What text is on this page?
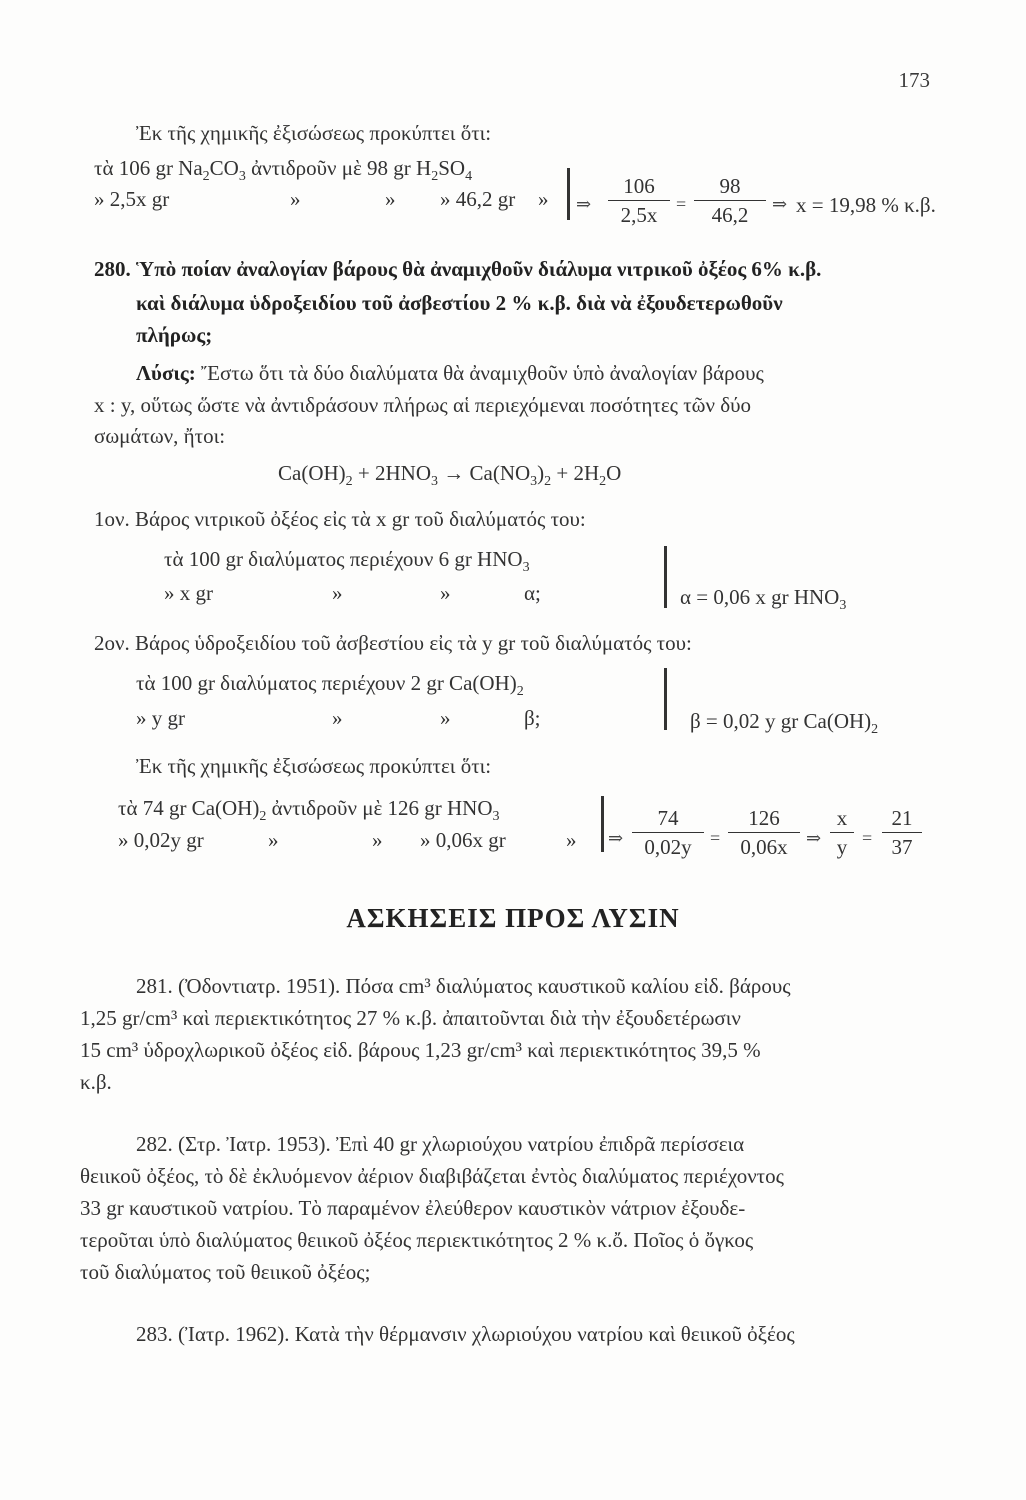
173
Ἐκ τῆς χημικῆς ἐξισώσεως προκύπτει ὅτι:
τὰ 106 gr $Na_2CO_3$ ἀντιδροῦν μὲ 98 gr $H_2SO_4$
» 2,5x gr	»	» » 46,2 gr » ⇒ $\frac{106}{2,5x} = \frac{98}{46,2}$ ⇒ x = 19,98 % κ.β.
280. Ὑπὸ ποίαν ἀναλογίαν βάρους θὰ ἀναμιχθοῦν διάλυμα νιτρικοῦ ὀξέος 6% κ.β.
καὶ διάλυμα ὑδροξειδίου τοῦ ἀσβεστίου 2 % κ.β. διὰ νὰ ἐξουδετερωθοῦν
πλήρως;
Λύσις: Ἔστω ὅτι τὰ δύο διαλύματα θὰ ἀναμιχθοῦν ὑπὸ ἀναλογίαν βάρους
x : y, οὕτως ὥστε νὰ ἀντιδράσουν πλήρως αἱ περιεχόμεναι ποσότητες τῶν δύο
σωμάτων, ἤτοι:
$Ca(OH)_2 + 2HNO_3 \to Ca(NO_3)_2 + 2H_2O$
1ον. Βάρος νιτρικοῦ ὀξέος εἰς τὰ x gr τοῦ διαλύματός του:
τὰ 100 gr διαλύματος περιέχουν 6 gr $HNO_3$
» x gr	»	»	α;	α = 0,06 x gr $HNO_3$
2ον. Βάρος ὑδροξειδίου τοῦ ἀσβεστίου εἰς τὰ y gr τοῦ διαλύματός του:
τὰ 100 gr διαλύματος περιέχουν 2 gr $Ca(OH)_2$
» y gr	»	»	β;	β = 0,02 y gr $Ca(OH)_2$
Ἐκ τῆς χημικῆς ἐξισώσεως προκύπτει ὅτι:
τὰ 74 gr $Ca(OH)_2$ ἀντιδροῦν μὲ 126 gr $HNO_3$
» 0,02y gr	»	» » 0,06x gr	» ⇒ $\frac{74}{0,02y} = \frac{126}{0,06x}$ ⇒ $\frac{x}{y} = \frac{21}{37}$
ΑΣΚΗΣΕΙΣ ΠΡΟΣ ΛΥΣΙΝ
281. (Ὀδοντιατρ. 1951). Πόσα cm³ διαλύματος καυστικοῦ καλίου εἰδ. βάρους
1,25 gr/cm³ καὶ περιεκτικότητος 27 % κ.β. ἀπαιτοῦνται διὰ τὴν ἐξουδετέρωσιν
15 cm³ ὑδροχλωρικοῦ ὀξέος εἰδ. βάρους 1,23 gr/cm³ καὶ περιεκτικότητος 39,5 %
κ.β.
282. (Στρ. Ἰατρ. 1953). Ἐπὶ 40 gr χλωριούχου νατρίου ἐπιδρᾶ περίσσεια
θειικοῦ ὀξέος, τὸ δὲ ἐκλυόμενον ἀέριον διαβιβάζεται ἐντὸς διαλύματος περιέχοντος
33 gr καυστικοῦ νατρίου. Τὸ παραμένον ἐλεύθερον καυστικὸν νάτριον ἐξουδε-
τεροῦται ὑπὸ διαλύματος θειικοῦ ὀξέος περιεκτικότητος 2 % κ.ὄ. Ποῖος ὁ ὄγκος
τοῦ διαλύματος τοῦ θειικοῦ ὀξέος;
283. (Ἰατρ. 1962). Κατὰ τὴν θέρμανσιν χλωριούχου νατρίου καὶ θειικοῦ ὀξέος
